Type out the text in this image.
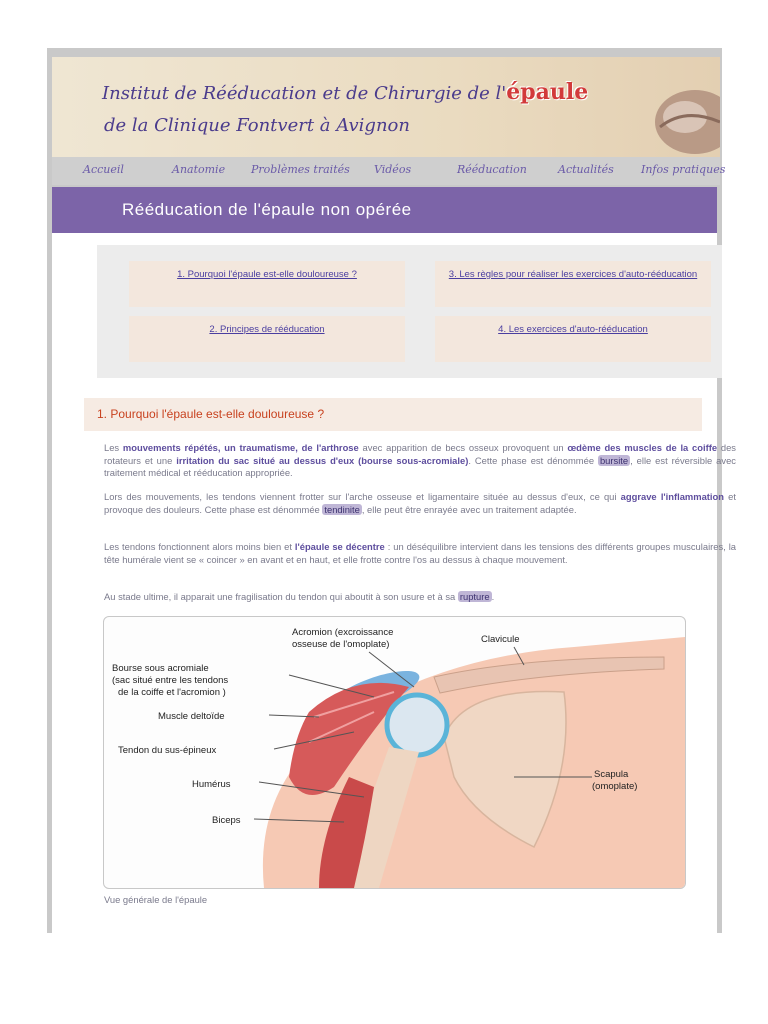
Institut de Rééducation et de Chirurgie de l'épaule
de la Clinique Fontvert à Avignon
Accueil	Anatomie Problèmes traités Vidéos	Rééducation	Actualités Infos pratiques
Rééducation de l'épaule non opérée
1. Pourquoi l'épaule est-elle douloureuse ?	3. Les règles pour réaliser les exercices d'auto-rééducation
2. Principes de rééducation	4. Les exercices d'auto-rééducation
1. Pourquoi l'épaule est-elle douloureuse ?
Les mouvements répétés, un traumatisme, de l'arthrose avec apparition de becs osseux provoquent un œdème des muscles de la coiffe des rotateurs et une irritation du sac situé au dessus d'eux (bourse sous-acromiale). Cette phase est dénommée bursite , elle est réversible avec traitement médical et rééducation appropriée.
Lors des mouvements, les tendons viennent frotter sur l'arche osseuse et ligamentaire située au dessus d'eux, ce qui aggrave l'inflammation et provoque des douleurs. Cette phase est dénommée tendinite , elle peut être enrayée avec un traitement adaptée.
Les tendons fonctionnent alors moins bien et l'épaule se décentre : un déséquilibre intervient dans les tensions des différents groupes musculaires, la tête humérale vient se « coincer » en avant et en haut, et elle frotte contre l'os au dessus à chaque mouvement.
Au stade ultime, il apparait une fragilisation du tendon qui aboutit à son usure et à sa rupture .
Acromion (excroissance
osseuse de l'omoplate)	Clavicule
Bourse sous acromiale
(sac situé entre les tendons
de la coiffe et l'acromion )
Muscle deltoïde
Tendon du sus-épineux
Humérus
Biceps
Scapula
(omoplate)
Vue générale de l'épaule
